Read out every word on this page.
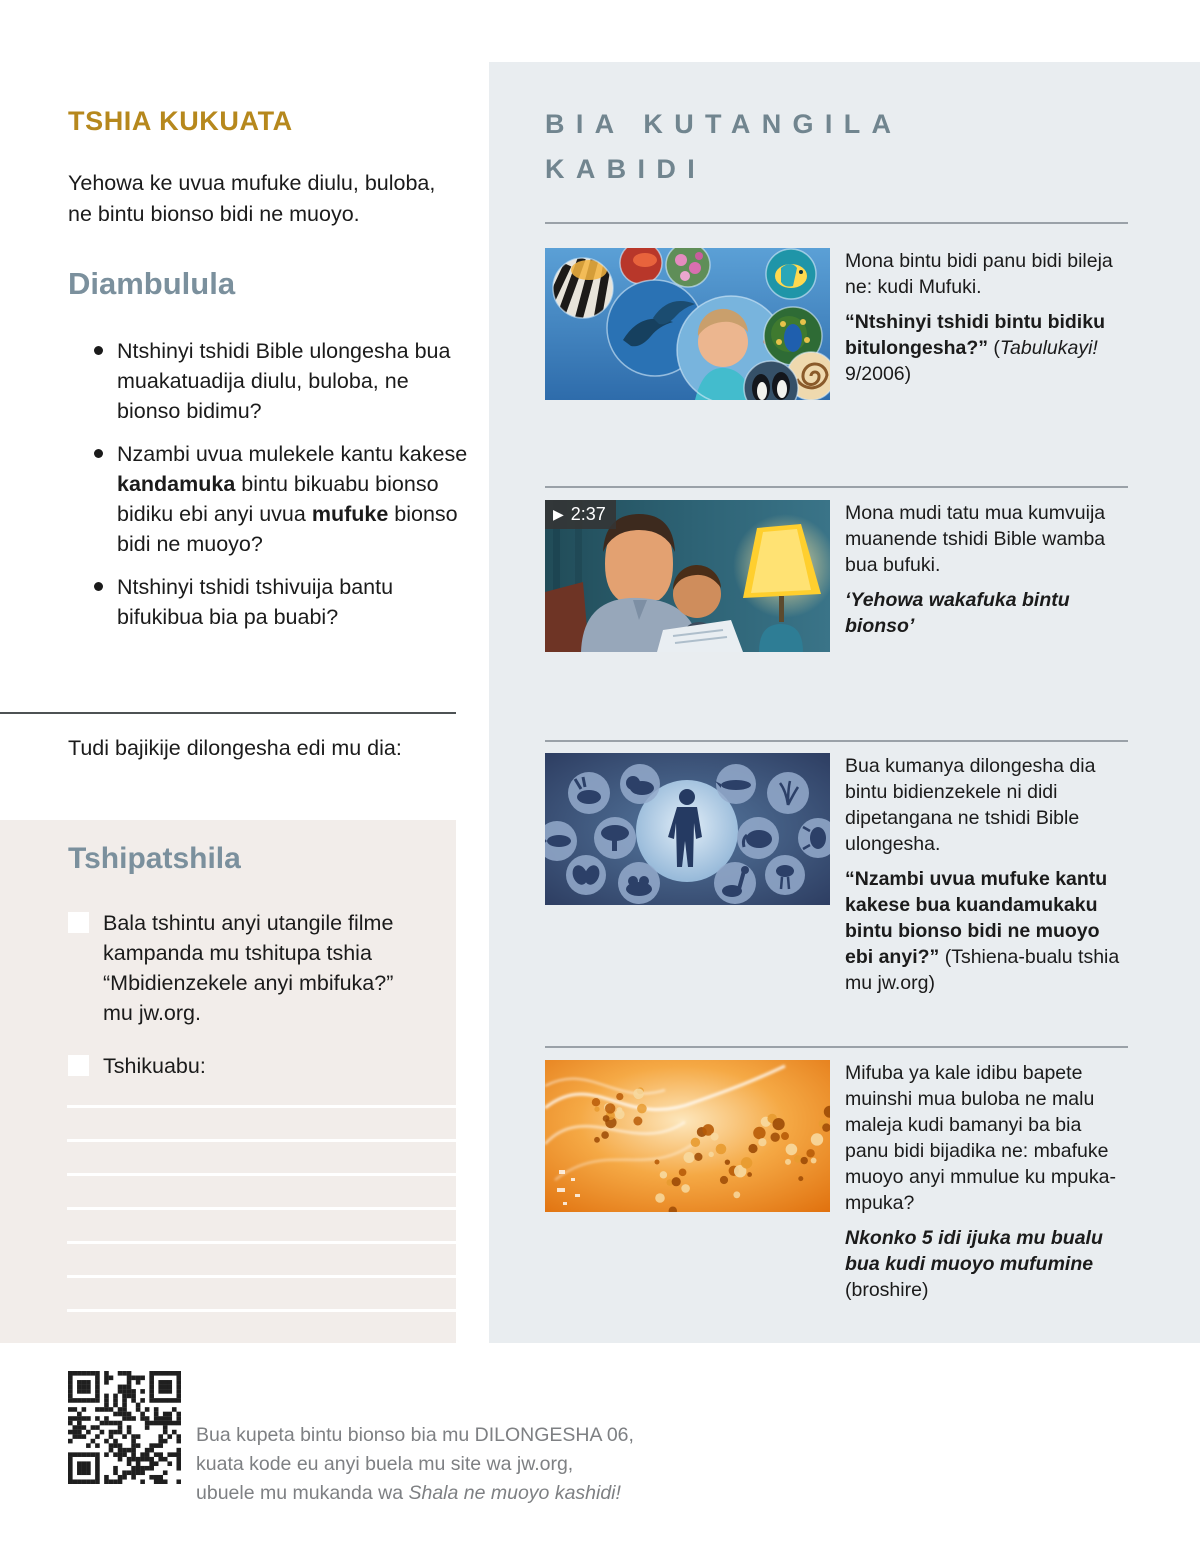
TSHIA KUKUATA
Yehowa ke uvua mufuke diulu, buloba, ne bintu bionso bidi ne muoyo.
Diambulula
Ntshinyi tshidi Bible ulongesha bua muakatuadija diulu, buloba, ne bionso bidimu?
Nzambi uvua mulekele kantu kakese kandamuka bintu bikuabu bionso bidiku ebi anyi uvua mufuke bionso bidi ne muoyo?
Ntshinyi tshidi tshivuija bantu bifukibua bia pa buabi?
Tudi bajikije dilongesha edi mu dia:
Tshipatshila
Bala tshintu anyi utangile filme kampanda mu tshitupa tshia “Mbidienzekele anyi mbifuka?” mu jw.org.
Tshikuabu:
BIA KUTANGILA KABIDI

Mona bintu bidi panu bidi bileja ne: kudi Mufuki.

“Ntshinyi tshidi bintu bidiku bitulongesha?” (Tabulukayi! 9/2006)

▶ 2:37	Mona mudi tatu mua kumvuija muanende tshidi Bible wamba bua bufuki.

‘Yehowa wakafuka bintu bionso’

Bua kumanya dilongesha dia bintu bidienzekele ni didi dipetangana ne tshidi Bible ulongesha.

“Nzambi uvua mufuke kantu kakese bua kuandamukaku bintu bionso bidi ne muoyo ebi anyi?” (Tshiena-bualu tshia mu jw.org)

Mifuba ya kale idibu bapete muinshi mua buloba ne malu maleja kudi bamanyi ba bia panu bidi bijadika ne: mbafuke muoyo anyi mmulue ku mpuka-mpuka?

Nkonko 5 idi ijuka mu bualu bua kudi muoyo mufumine (broshire)

Bua kupeta bintu bionso bia mu DILONGESHA 06,
kuata kode eu anyi buela mu site wa jw.org,
ubuele mu mukanda wa Shala ne muoyo kashidi!
